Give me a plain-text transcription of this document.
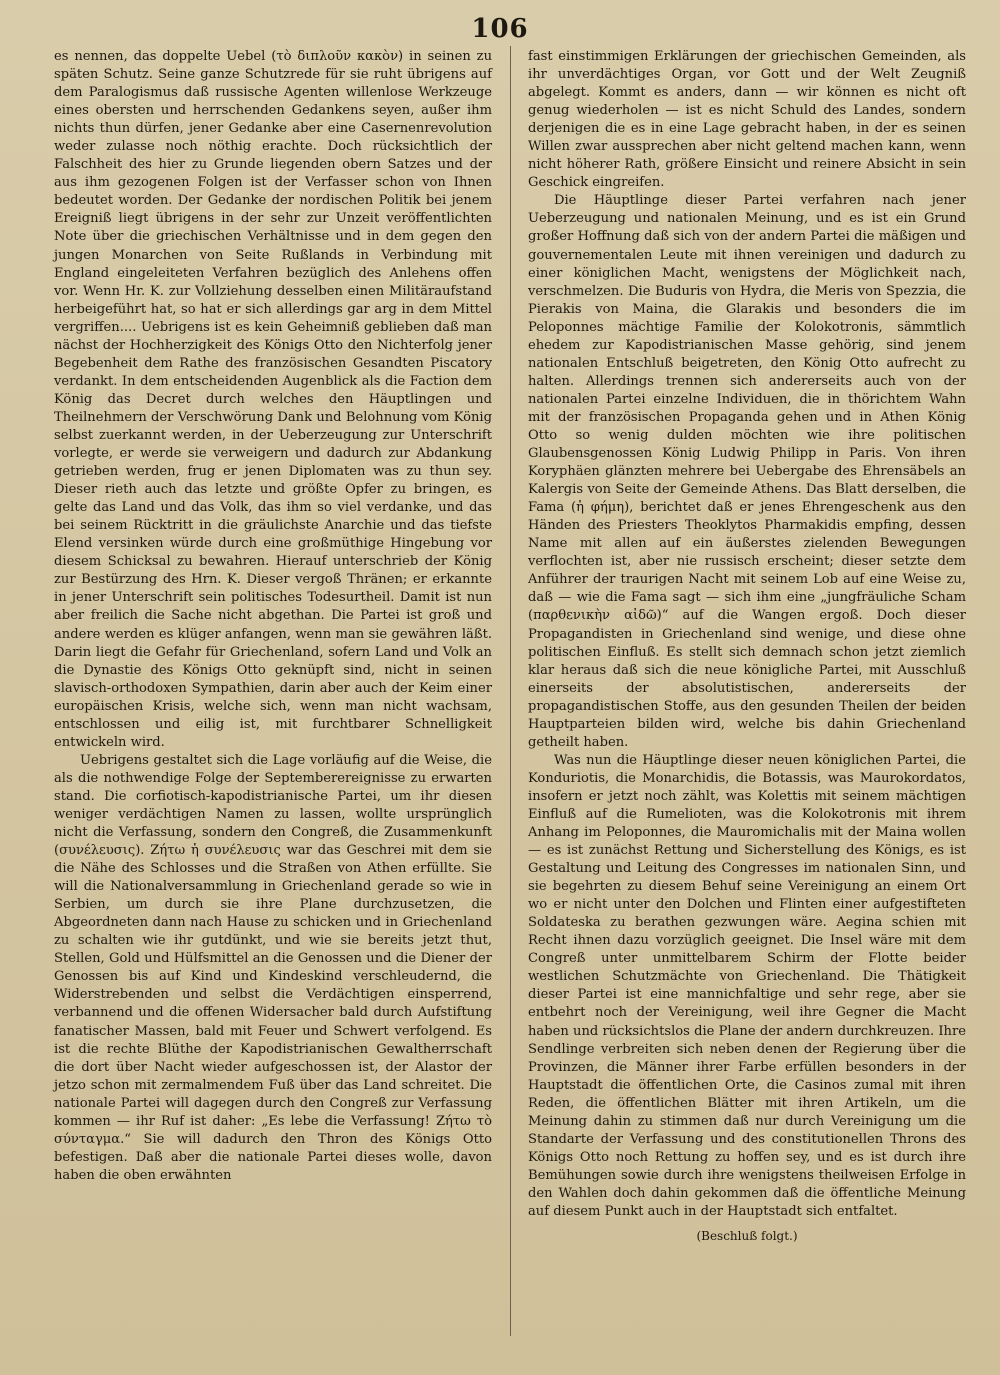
106

es nennen, das doppelte Uebel (τὸ διπλοῦν κακὸν) in seinen zu späten Schutz. Seine ganze Schutzrede für sie ruht übrigens auf dem Paralogismus daß russische Agenten willenlose Werkzeuge eines obersten und herrschenden Gedankens seyen, außer ihm nichts thun dürfen, jener Gedanke aber eine Casernenrevolution weder zulasse noch nöthig erachte. Doch rücksichtlich der Falschheit des hier zu Grunde liegenden obern Satzes und der aus ihm gezogenen Folgen ist der Verfasser schon von Ihnen bedeutet worden. Der Gedanke der nordischen Politik bei jenem Ereigniß liegt übrigens in der sehr zur Unzeit veröffentlichten Note über die griechischen Verhältnisse und in dem gegen den jungen Monarchen von Seite Rußlands in Verbindung mit England eingeleiteten Verfahren bezüglich des Anlehens offen vor. Wenn Hr. K. zur Vollziehung desselben einen Militäraufstand herbeigeführt hat, so hat er sich allerdings gar arg in dem Mittel vergriffen.... Uebrigens ist es kein Geheimniß geblieben daß man nächst der Hochherzigkeit des Königs Otto den Nichterfolg jener Begebenheit dem Rathe des französischen Gesandten Piscatory verdankt. In dem entscheidenden Augenblick als die Faction dem König das Decret durch welches den Häuptlingen und Theilnehmern der Verschwörung Dank und Belohnung vom König selbst zuerkannt werden, in der Ueberzeugung zur Unterschrift vorlegte, er werde sie verweigern und dadurch zur Abdankung getrieben werden, frug er jenen Diplomaten was zu thun sey. Dieser rieth auch das letzte und größte Opfer zu bringen, es gelte das Land und das Volk, das ihm so viel verdanke, und das bei seinem Rücktritt in die gräulichste Anarchie und das tiefste Elend versinken würde durch eine großmüthige Hingebung vor diesem Schicksal zu bewahren. Hierauf unterschrieb der König zur Bestürzung des Hrn. K. Dieser vergoß Thränen; er erkannte in jener Unterschrift sein politisches Todesurtheil. Damit ist nun aber freilich die Sache nicht abgethan. Die Partei ist groß und andere werden es klüger anfangen, wenn man sie gewähren läßt. Darin liegt die Gefahr für Griechenland, sofern Land und Volk an die Dynastie des Königs Otto geknüpft sind, nicht in seinen slavisch-orthodoxen Sympathien, darin aber auch der Keim einer europäischen Krisis, welche sich, wenn man nicht wachsam, entschlossen und eilig ist, mit furchtbarer Schnelligkeit entwickeln wird.

Uebrigens gestaltet sich die Lage vorläufig auf die Weise, die als die nothwendige Folge der Septemberereignisse zu erwarten stand. Die corfiotisch-kapodistrianische Partei, um ihr diesen weniger verdächtigen Namen zu lassen, wollte ursprünglich nicht die Verfassung, sondern den Congreß, die Zusammenkunft (συνέλευσις). Ζήτω ἡ συνέλευσις war das Geschrei mit dem sie die Nähe des Schlosses und die Straßen von Athen erfüllte. Sie will die Nationalversammlung in Griechenland gerade so wie in Serbien, um durch sie ihre Plane durchzusetzen, die Abgeordneten dann nach Hause zu schicken und in Griechenland zu schalten wie ihr gutdünkt, und wie sie bereits jetzt thut, Stellen, Gold und Hülfsmittel an die Genossen und die Diener der Genossen bis auf Kind und Kindeskind verschleudernd, die Widerstrebenden und selbst die Verdächtigen einsperrend, verbannend und die offenen Widersacher bald durch Aufstiftung fanatischer Massen, bald mit Feuer und Schwert verfolgend. Es ist die rechte Blüthe der Kapodistrianischen Gewaltherrschaft die dort über Nacht wieder aufgeschossen ist, der Alastor der jetzo schon mit zermalmendem Fuß über das Land schreitet. Die nationale Partei will dagegen durch den Congreß zur Verfassung kommen — ihr Ruf ist daher: „Es lebe die Verfassung! Ζήτω τὸ σύνταγμα.“ Sie will dadurch den Thron des Königs Otto befestigen. Daß aber die nationale Partei dieses wolle, davon haben die oben erwähnten

fast einstimmigen Erklärungen der griechischen Gemeinden, als ihr unverdächtiges Organ, vor Gott und der Welt Zeugniß abgelegt. Kommt es anders, dann — wir können es nicht oft genug wiederholen — ist es nicht Schuld des Landes, sondern derjenigen die es in eine Lage gebracht haben, in der es seinen Willen zwar aussprechen aber nicht geltend machen kann, wenn nicht höherer Rath, größere Einsicht und reinere Absicht in sein Geschick eingreifen.

Die Häuptlinge dieser Partei verfahren nach jener Ueberzeugung und nationalen Meinung, und es ist ein Grund großer Hoffnung daß sich von der andern Partei die mäßigen und gouvernementalen Leute mit ihnen vereinigen und dadurch zu einer königlichen Macht, wenigstens der Möglichkeit nach, verschmelzen. Die Buduris von Hydra, die Meris von Spezzia, die Pierakis von Maina, die Glarakis und besonders die im Peloponnes mächtige Familie der Kolokotronis, sämmtlich ehedem zur Kapodistrianischen Masse gehörig, sind jenem nationalen Entschluß beigetreten, den König Otto aufrecht zu halten. Allerdings trennen sich andererseits auch von der nationalen Partei einzelne Individuen, die in thörichtem Wahn mit der französischen Propaganda gehen und in Athen König Otto so wenig dulden möchten wie ihre politischen Glaubensgenossen König Ludwig Philipp in Paris. Von ihren Koryphäen glänzten mehrere bei Uebergabe des Ehrensäbels an Kalergis von Seite der Gemeinde Athens. Das Blatt derselben, die Fama (ἡ φήμη), berichtet daß er jenes Ehrengeschenk aus den Händen des Priesters Theoklytos Pharmakidis empfing, dessen Name mit allen auf ein äußerstes zielenden Bewegungen verflochten ist, aber nie russisch erscheint; dieser setzte dem Anführer der traurigen Nacht mit seinem Lob auf eine Weise zu, daß — wie die Fama sagt — sich ihm eine „jungfräuliche Scham (παρθενικὴν αἰδῶ)“ auf die Wangen ergoß. Doch dieser Propagandisten in Griechenland sind wenige, und diese ohne politischen Einfluß. Es stellt sich demnach schon jetzt ziemlich klar heraus daß sich die neue königliche Partei, mit Ausschluß einerseits der absolutistischen, andererseits der propagandistischen Stoffe, aus den gesunden Theilen der beiden Hauptparteien bilden wird, welche bis dahin Griechenland getheilt haben.

Was nun die Häuptlinge dieser neuen königlichen Partei, die Konduriotis, die Monarchidis, die Botassis, was Maurokordatos, insofern er jetzt noch zählt, was Kolettis mit seinem mächtigen Einfluß auf die Rumelioten, was die Kolokotronis mit ihrem Anhang im Peloponnes, die Mauromichalis mit der Maina wollen — es ist zunächst Rettung und Sicherstellung des Königs, es ist Gestaltung und Leitung des Congresses im nationalen Sinn, und sie begehrten zu diesem Behuf seine Vereinigung an einem Ort wo er nicht unter den Dolchen und Flinten einer aufgestifteten Soldateska zu berathen gezwungen wäre. Aegina schien mit Recht ihnen dazu vorzüglich geeignet. Die Insel wäre mit dem Congreß unter unmittelbarem Schirm der Flotte beider westlichen Schutzmächte von Griechenland. Die Thätigkeit dieser Partei ist eine mannichfaltige und sehr rege, aber sie entbehrt noch der Vereinigung, weil ihre Gegner die Macht haben und rücksichtslos die Plane der andern durchkreuzen. Ihre Sendlinge verbreiten sich neben denen der Regierung über die Provinzen, die Männer ihrer Farbe erfüllen besonders in der Hauptstadt die öffentlichen Orte, die Casinos zumal mit ihren Reden, die öffentlichen Blätter mit ihren Artikeln, um die Meinung dahin zu stimmen daß nur durch Vereinigung um die Standarte der Verfassung und des constitutionellen Throns des Königs Otto noch Rettung zu hoffen sey, und es ist durch ihre Bemühungen sowie durch ihre wenigstens theilweisen Erfolge in den Wahlen doch dahin gekommen daß die öffentliche Meinung auf diesem Punkt auch in der Hauptstadt sich entfaltet.

(Beschluß folgt.)
